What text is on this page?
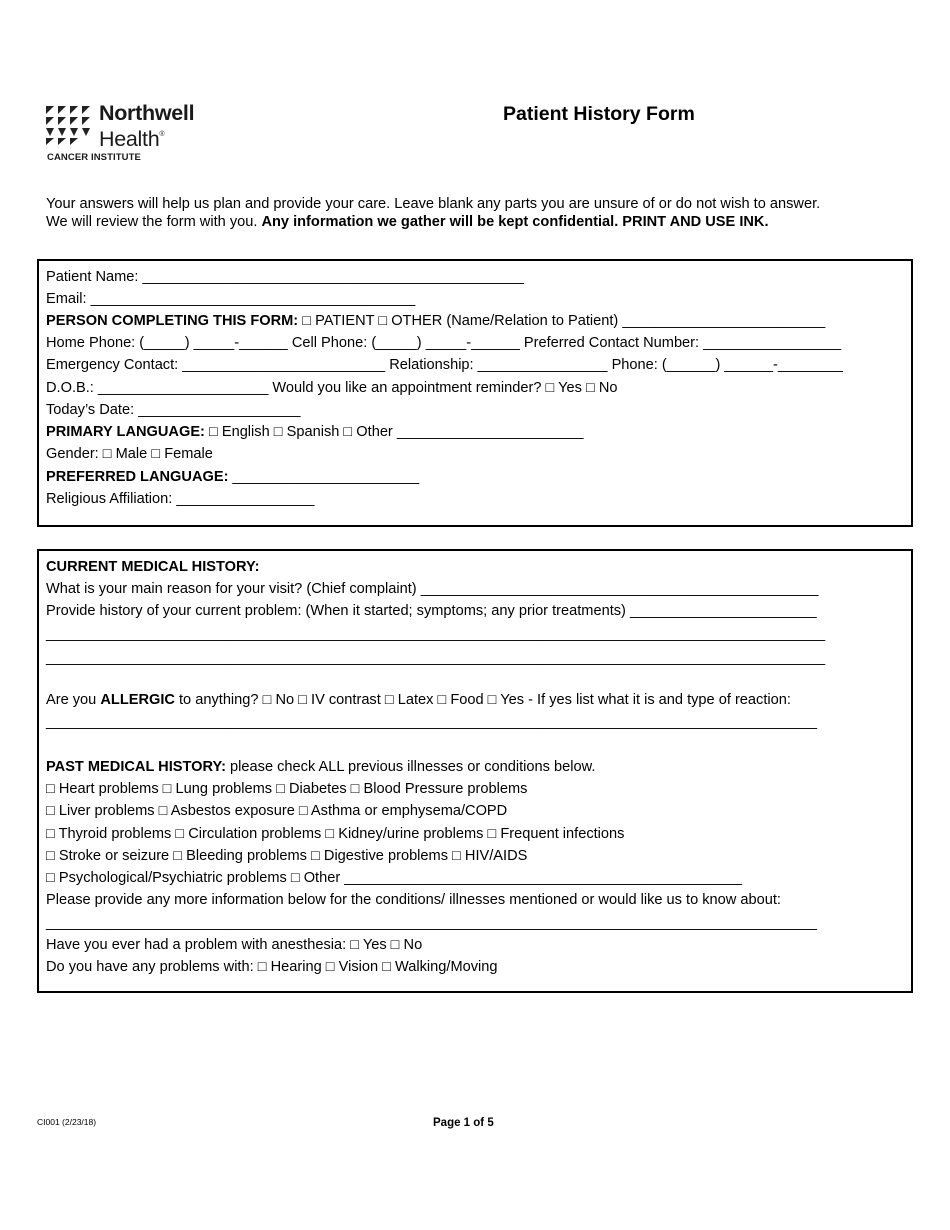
Northwell
Health®
CANCER INSTITUTE
Patient History Form
Your answers will help us plan and provide your care. Leave blank any parts you are unsure of or do not wish to answer.
We will review the form with you. Any information we gather will be kept confidential. PRINT AND USE INK.
Patient Name: _______________________________________________
Email: ________________________________________
PERSON COMPLETING THIS FORM: □ PATIENT □ OTHER (Name/Relation to Patient) _________________________
Home Phone: (_____) _____-______ Cell Phone: (_____) _____-______ Preferred Contact Number: _________________
Emergency Contact: _________________________ Relationship: ________________ Phone: (______) ______-________
D.O.B.: _____________________ Would you like an appointment reminder? □ Yes □ No
Today’s Date: ____________________
PRIMARY LANGUAGE: □ English □ Spanish □ Other _______________________
Gender: □ Male □ Female
PREFERRED LANGUAGE: _______________________
Religious Affiliation: _________________
CURRENT MEDICAL HISTORY:
What is your main reason for your visit? (Chief complaint) _________________________________________________
Provide history of your current problem: (When it started; symptoms; any prior treatments) _______________________
________________________________________________________________________________________________
________________________________________________________________________________________________
Are you ALLERGIC to anything? □ No □ IV contrast □ Latex □ Food □ Yes - If yes list what it is and type of reaction:
_______________________________________________________________________________________________
PAST MEDICAL HISTORY: please check ALL previous illnesses or conditions below.
□ Heart problems □ Lung problems □ Diabetes □ Blood Pressure problems
□ Liver problems □ Asbestos exposure □ Asthma or emphysema/COPD
□ Thyroid problems □ Circulation problems □ Kidney/urine problems □ Frequent infections
□ Stroke or seizure □ Bleeding problems □ Digestive problems □ HIV/AIDS
□ Psychological/Psychiatric problems □ Other _________________________________________________
Please provide any more information below for the conditions/ illnesses mentioned or would like us to know about:
_______________________________________________________________________________________________
Have you ever had a problem with anesthesia: □ Yes □ No
Do you have any problems with: □ Hearing □ Vision □ Walking/Moving
CI001 (2/23/18)	Page 1 of 5
